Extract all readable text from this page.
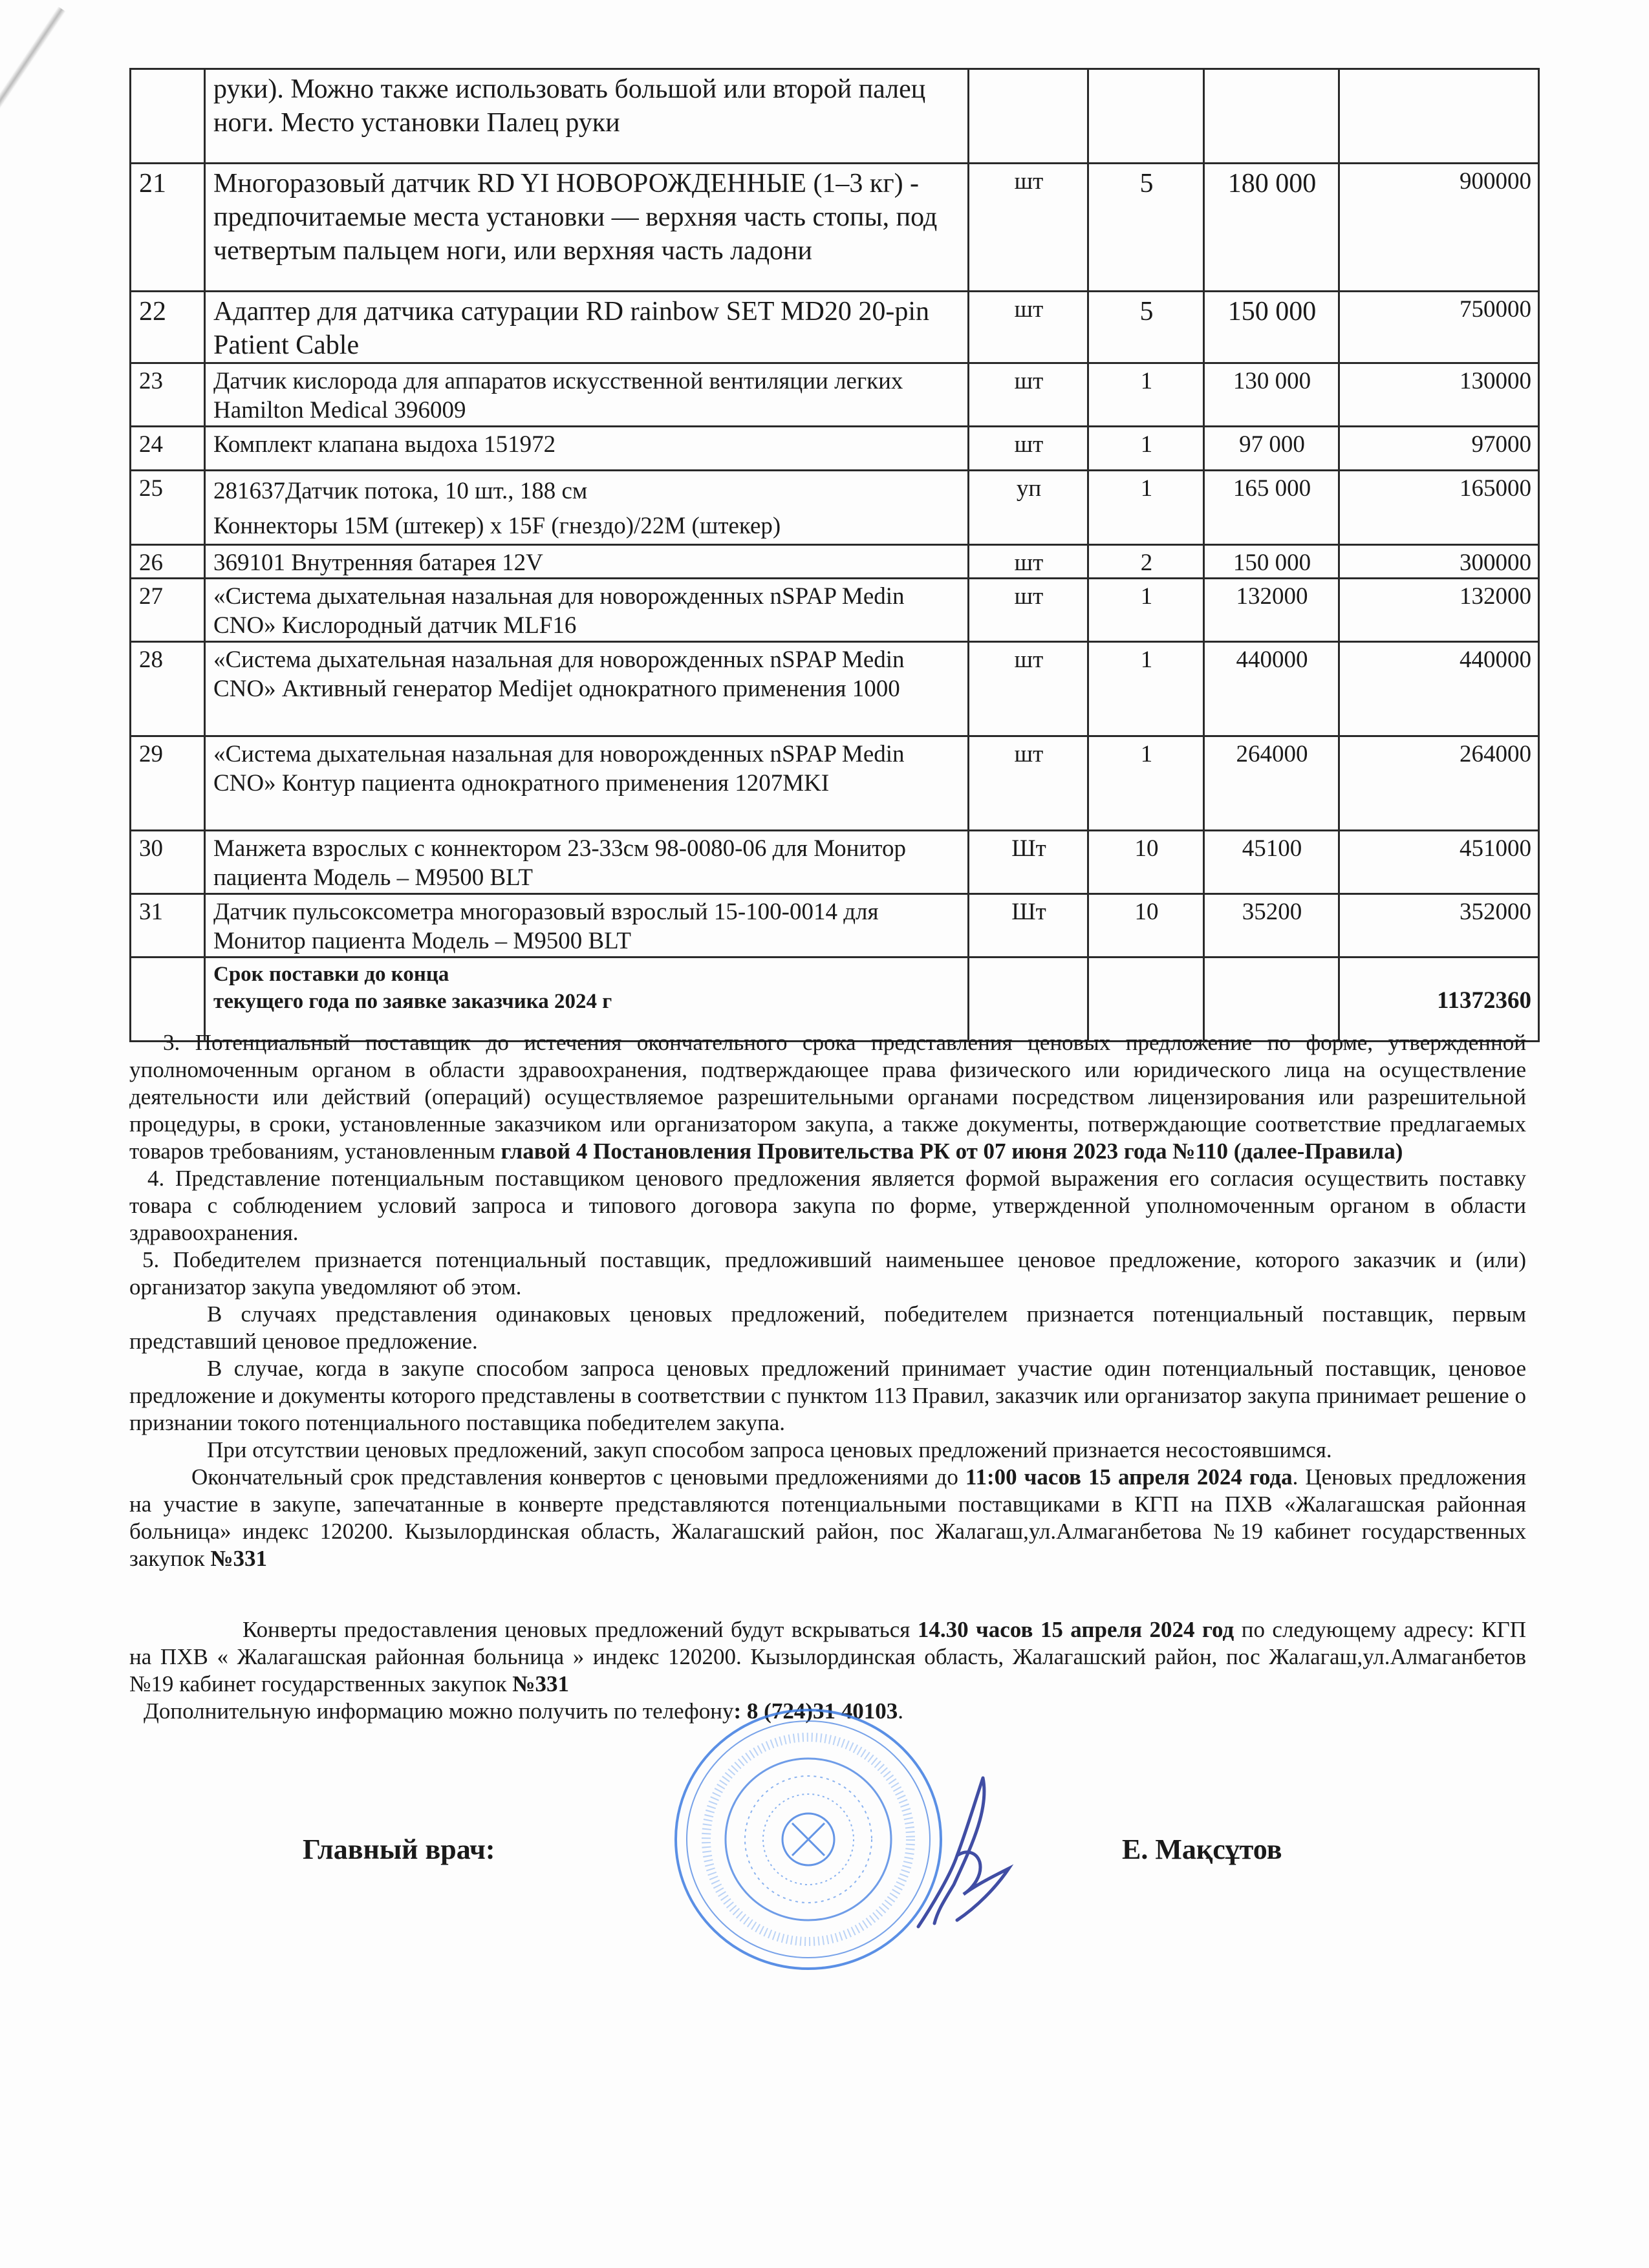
	руки). Можно также использовать большой или второй палец ноги. Место установки Палец руки				
21	Многоразовый датчик RD YI НОВОРОЖДЕННЫЕ (1–3 кг) - предпочитаемые места установки — верхняя часть стопы, под четвертым пальцем ноги, или верхняя часть ладони	шт	5	180 000	900000
22	Адаптер для датчика сатурации RD rainbow SET MD20 20-pin Patient Cable	шт	5	150 000	750000
23	Датчик кислорода для аппаратов искусственной вентиляции легких Hamilton Medical 396009	шт	1	130 000	130000
24	Комплект клапана выдоха 151972	шт	1	97 000	97000
25	281637Датчик потока, 10 шт., 188 см
Коннекторы 15M (штекер) x 15F (гнездо)/22M (штекер)	уп	1	165 000	165000
26	369101 Внутренняя батарея 12V	шт	2	150 000	300000
27	«Система дыхательная назальная для новорожденных nSPAP Medin CNO» Кислородный датчик MLF16	шт	1	132000	132000
28	«Система дыхательная назальная для новорожденных nSPAP Medin CNO» Активный генератор Medijet однократного применения 1000	шт	1	440000	440000
29	«Система дыхательная назальная для новорожденных nSPAP Medin CNO» Контур пациента однократного применения 1207MKI	шт	1	264000	264000
30	Манжета взрослых с коннектором 23-33см 98-0080-06 для Монитор пациента Модель – M9500 BLT	Шт	10	45100	451000
31	Датчик пульсоксометра многоразовый взрослый 15-100-0014 для Монитор пациента Модель – M9500 BLT	Шт	10	35200	352000

	Срок поставки до конца
текущего года по заявке заказчика 2024 г				11372360

3. Потенциальный поставщик до истечения окончательного срока представления ценовых предложение по форме, утвержденной уполномоченным органом в области здравоохранения, подтверждающее права физического или юридического лица на осуществление деятельности или действий (операций) осуществляемое разрешительными органами посредством лицензирования или разрешительной процедуры, в сроки, установленные заказчиком или организатором закупа, а также документы, потверждающие соответствие предлагаемых товаров требованиям, установленным главой 4 Постановления Провительства РК от 07 июня 2023 года №110 (далее-Правила)

4. Представление потенциальным поставщиком ценового предложения является формой выражения его согласия осуществить поставку товара с соблюдением условий запроса и типового договора закупа по форме, утвержденной уполномоченным органом в области здравоохранения.

5. Победителем признается потенциальный поставщик, предложивший наименьшее ценовое предложение, которого заказчик и (или) организатор закупа уведомляют об этом.

В случаях представления одинаковых ценовых предложений, победителем признается потенциальный поставщик, первым представший ценовое предложение.

В случае, когда в закупе способом запроса ценовых предложений принимает участие один потенциальный поставщик, ценовое предложение и документы которого представлены в соответствии с пунктом 113 Правил, заказчик или организатор закупа принимает решение о признании токого потенциального поставщика победителем закупа.

При отсутствии ценовых предложений, закуп способом запроса ценовых предложений признается несостоявшимся.

Окончательный срок представления конвертов с ценовыми предложениями до 11:00 часов 15 апреля 2024 года. Ценовых предложения на участие в закупе, запечатанные в конверте представляются потенциальными поставщиками в КГП на ПХВ «Жалагашская районная больница» индекс 120200. Кызылординская область, Жалагашский район, пос Жалагаш,ул.Алмаганбетова №19 кабинет государственных закупок №331

Конверты предоставления ценовых предложений будут вскрываться 14.30 часов 15 апреля 2024 год по следующему адресу: КГП на ПХВ « Жалагашская районная больница » индекс 120200. Кызылординская область, Жалагашский район, пос Жалагаш,ул.Алмаганбетов №19 кабинет государственных закупок №331

Дополнительную информацию можно получить по телефону: 8 (724)31 40103.

Главный врач:	Е. Мақсұтов
